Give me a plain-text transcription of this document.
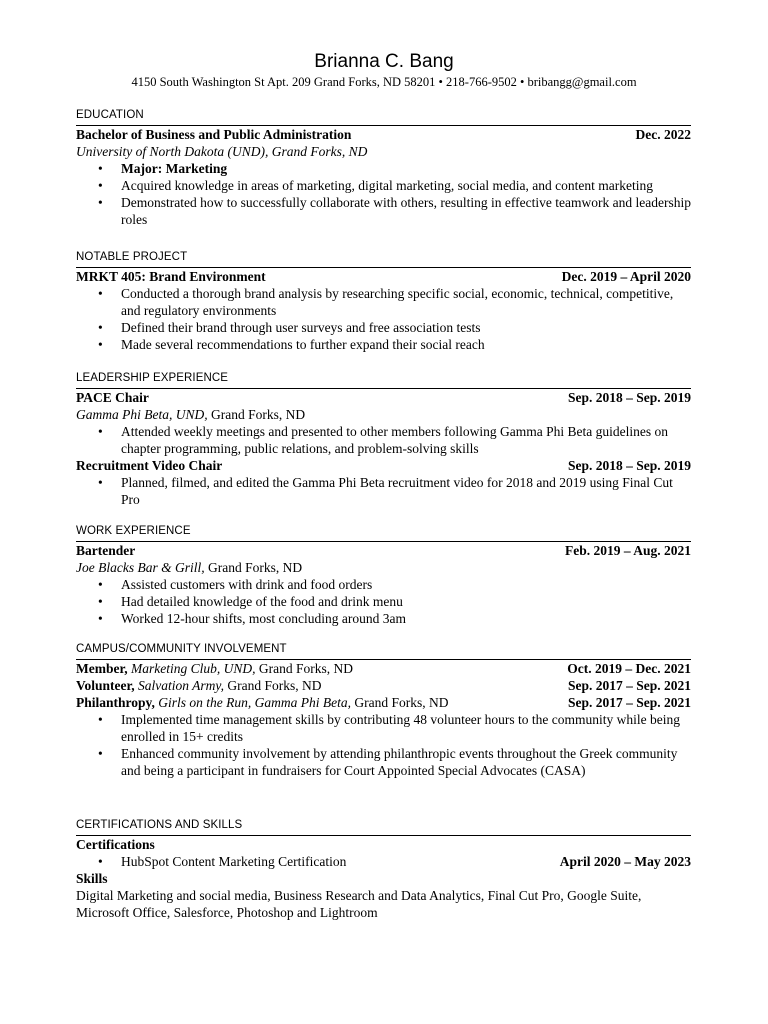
Brianna C. Bang
4150 South Washington St Apt. 209 Grand Forks, ND 58201 • 218-766-9502 • bribangg@gmail.com
EDUCATION
Bachelor of Business and Public Administration	Dec. 2022
University of North Dakota (UND), Grand Forks, ND
• Major: Marketing
• Acquired knowledge in areas of marketing, digital marketing, social media, and content marketing
• Demonstrated how to successfully collaborate with others, resulting in effective teamwork and leadership roles
NOTABLE PROJECT
MRKT 405: Brand Environment	Dec. 2019 – April 2020
• Conducted a thorough brand analysis by researching specific social, economic, technical, competitive, and regulatory environments
• Defined their brand through user surveys and free association tests
• Made several recommendations to further expand their social reach
LEADERSHIP EXPERIENCE
PACE Chair	Sep. 2018 – Sep. 2019
Gamma Phi Beta, UND, Grand Forks, ND
• Attended weekly meetings and presented to other members following Gamma Phi Beta guidelines on chapter programming, public relations, and problem-solving skills
Recruitment Video Chair	Sep. 2018 – Sep. 2019
• Planned, filmed, and edited the Gamma Phi Beta recruitment video for 2018 and 2019 using Final Cut Pro
WORK EXPERIENCE
Bartender	Feb. 2019 – Aug. 2021
Joe Blacks Bar & Grill, Grand Forks, ND
• Assisted customers with drink and food orders
• Had detailed knowledge of the food and drink menu
• Worked 12-hour shifts, most concluding around 3am
CAMPUS/COMMUNITY INVOLVEMENT
Member, Marketing Club, UND, Grand Forks, ND	Oct. 2019 – Dec. 2021
Volunteer, Salvation Army, Grand Forks, ND	Sep. 2017 – Sep. 2021
Philanthropy, Girls on the Run, Gamma Phi Beta, Grand Forks, ND	Sep. 2017 – Sep. 2021
• Implemented time management skills by contributing 48 volunteer hours to the community while being enrolled in 15+ credits
• Enhanced community involvement by attending philanthropic events throughout the Greek community and being a participant in fundraisers for Court Appointed Special Advocates (CASA)
CERTIFICATIONS AND SKILLS
Certifications
• HubSpot Content Marketing Certification	April 2020 – May 2023
Skills
Digital Marketing and social media, Business Research and Data Analytics, Final Cut Pro, Google Suite,
Microsoft Office, Salesforce, Photoshop and Lightroom
